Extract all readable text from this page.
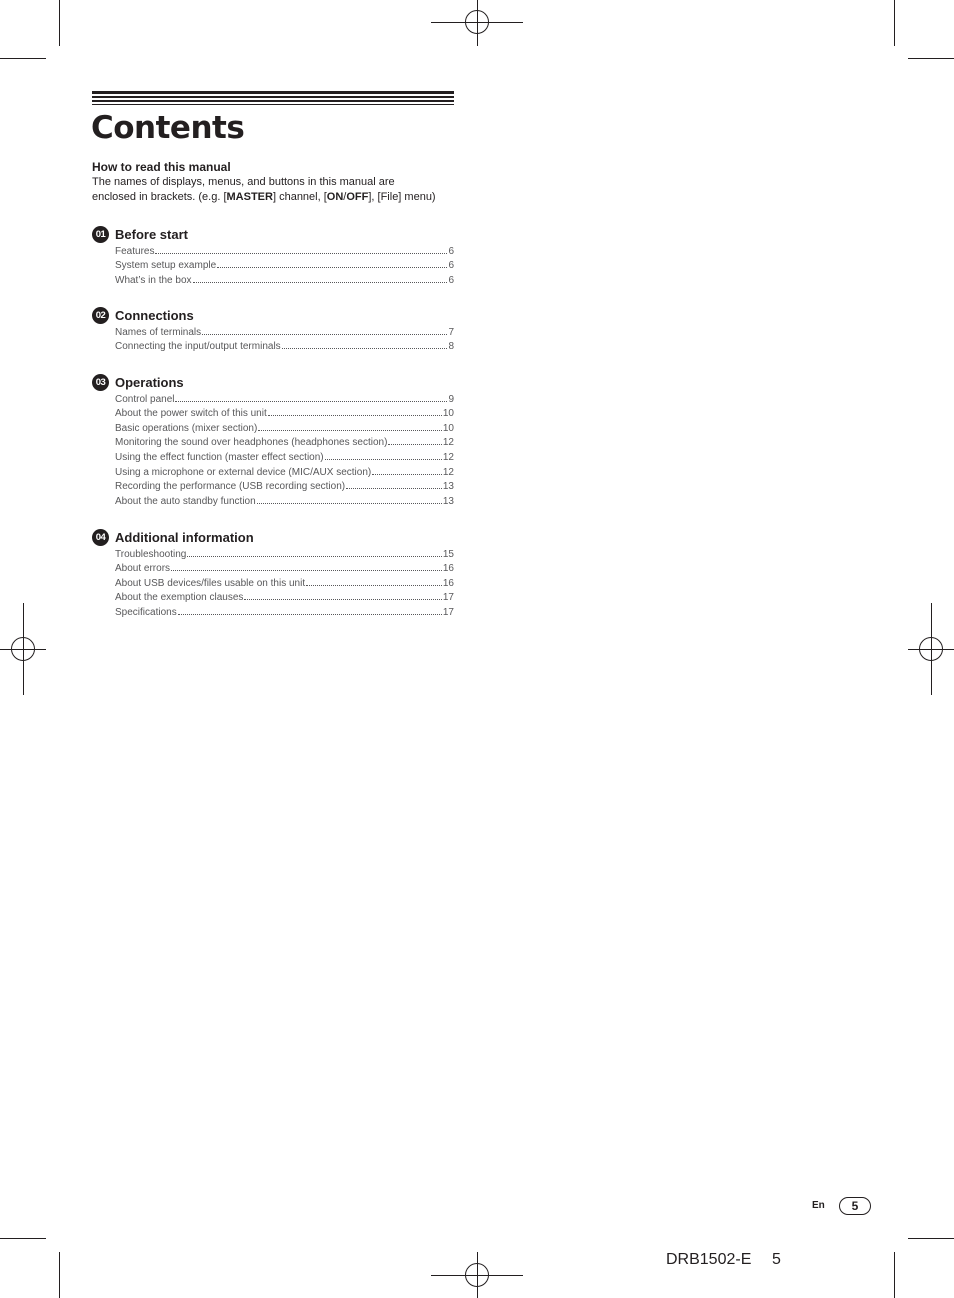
Contents
How to read this manual
The names of displays, menus, and buttons in this manual are
enclosed in brackets. (e.g. [MASTER] channel, [ON/OFF], [File] menu)
01 Before start
Features	6
System setup example	6
What’s in the box	6
02 Connections
Names of terminals	7
Connecting the input/output terminals	8
03 Operations
Control panel	9
About the power switch of this unit	10
Basic operations (mixer section)	10
Monitoring the sound over headphones (headphones section)	12
Using the effect function (master effect section)	12
Using a microphone or external device (MIC/AUX section)	12
Recording the performance (USB recording section)	13
About the auto standby function	13
04 Additional information
Troubleshooting	15
About errors	16
About USB devices/files usable on this unit	16
About the exemption clauses	17
Specifications	17
En	5
DRB1502-E 5
